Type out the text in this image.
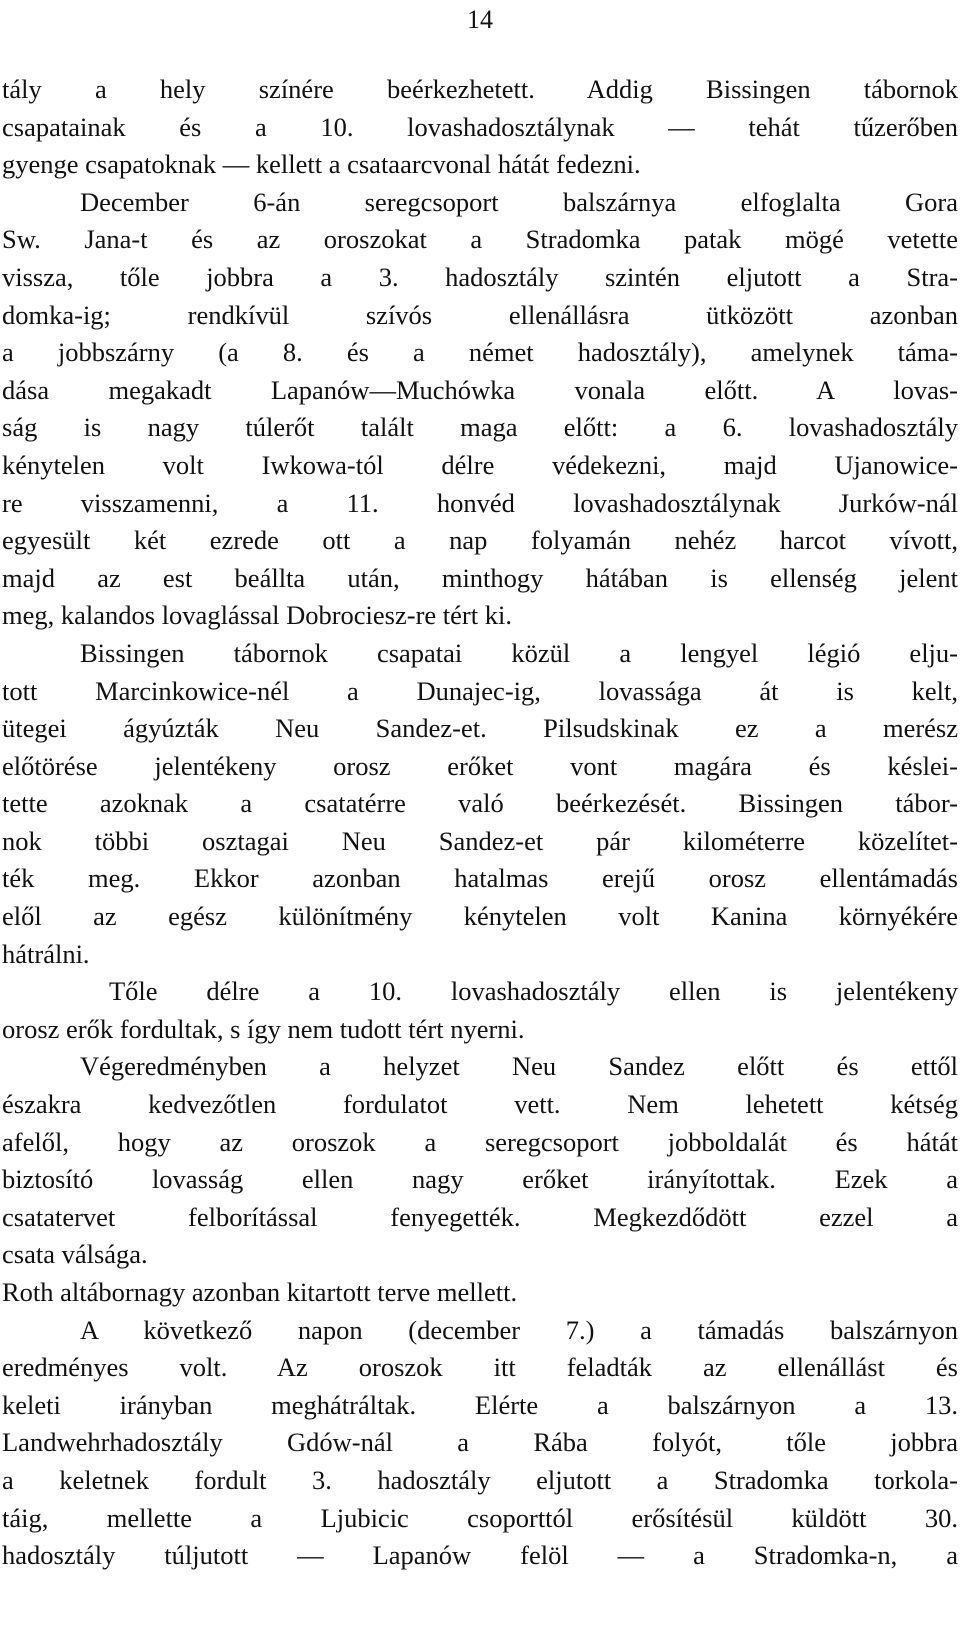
14
tály a hely színére beérkezhetett. Addig Bissingen tábornok
csapatainak és a 10. lovashadosztálynak — tehát tűzerőben
gyenge csapatoknak — kellett a csataarcvonal hátát fedezni.
December 6-án seregcsoport balszárnya elfoglalta Gora
Sw. Jana-t és az oroszokat a Stradomka patak mögé vetette
vissza, tőle jobbra a 3. hadosztály szintén eljutott a Stra-
domka-ig; rendkívül szívós ellenállásra ütközött azonban
a jobbszárny (a 8. és a német hadosztály), amelynek táma-
dása megakadt Lapanów—Muchówka vonala előtt. A lovas-
ság is nagy túlerőt talált maga előtt: a 6. lovashadosztály
kénytelen volt Iwkowa-tól délre védekezni, majd Ujanowice-
re visszamenni, a 11. honvéd lovashadosztálynak Jurków-nál
egyesült két ezrede ott a nap folyamán nehéz harcot vívott,
majd az est beállta után, minthogy hátában is ellenség jelent
meg, kalandos lovaglással Dobrociesz-re tért ki.
Bissingen tábornok csapatai közül a lengyel légió elju-
tott Marcinkowice-nél a Dunajec-ig, lovassága át is kelt,
ütegei ágyúzták Neu Sandez-et. Pilsudskinak ez a merész
előtörése jelentékeny orosz erőket vont magára és késlei-
tette azoknak a csatatérre való beérkezését. Bissingen tábor-
nok többi osztagai Neu Sandez-et pár kilométerre közelítet-
ték meg. Ekkor azonban hatalmas erejű orosz ellentámadás
elől az egész különítmény kénytelen volt Kanina környékére
hátrálni.
Tőle délre a 10. lovashadosztály ellen is jelentékeny
orosz erők fordultak, s így nem tudott tért nyerni.
Végeredményben a helyzet Neu Sandez előtt és ettől
északra kedvezőtlen fordulatot vett. Nem lehetett kétség
afelől, hogy az oroszok a seregcsoport jobboldalát és hátát
biztosító lovasság ellen nagy erőket irányítottak. Ezek a
csatatervet felborítással fenyegették. Megkezdődött ezzel a
csata válsága.
Roth altábornagy azonban kitartott terve mellett.
A következő napon (december 7.) a támadás balszárnyon
eredményes volt. Az oroszok itt feladták az ellenállást és
keleti irányban meghátráltak. Elérte a balszárnyon a 13.
Landwehrhadosztály Gdów-nál a Rába folyót, tőle jobbra
a keletnek fordult 3. hadosztály eljutott a Stradomka torkola-
táig, mellette a Ljubicic csoporttól erősítésül küldött 30.
hadosztály túljutott — Lapanów felöl — a Stradomka-n, a
